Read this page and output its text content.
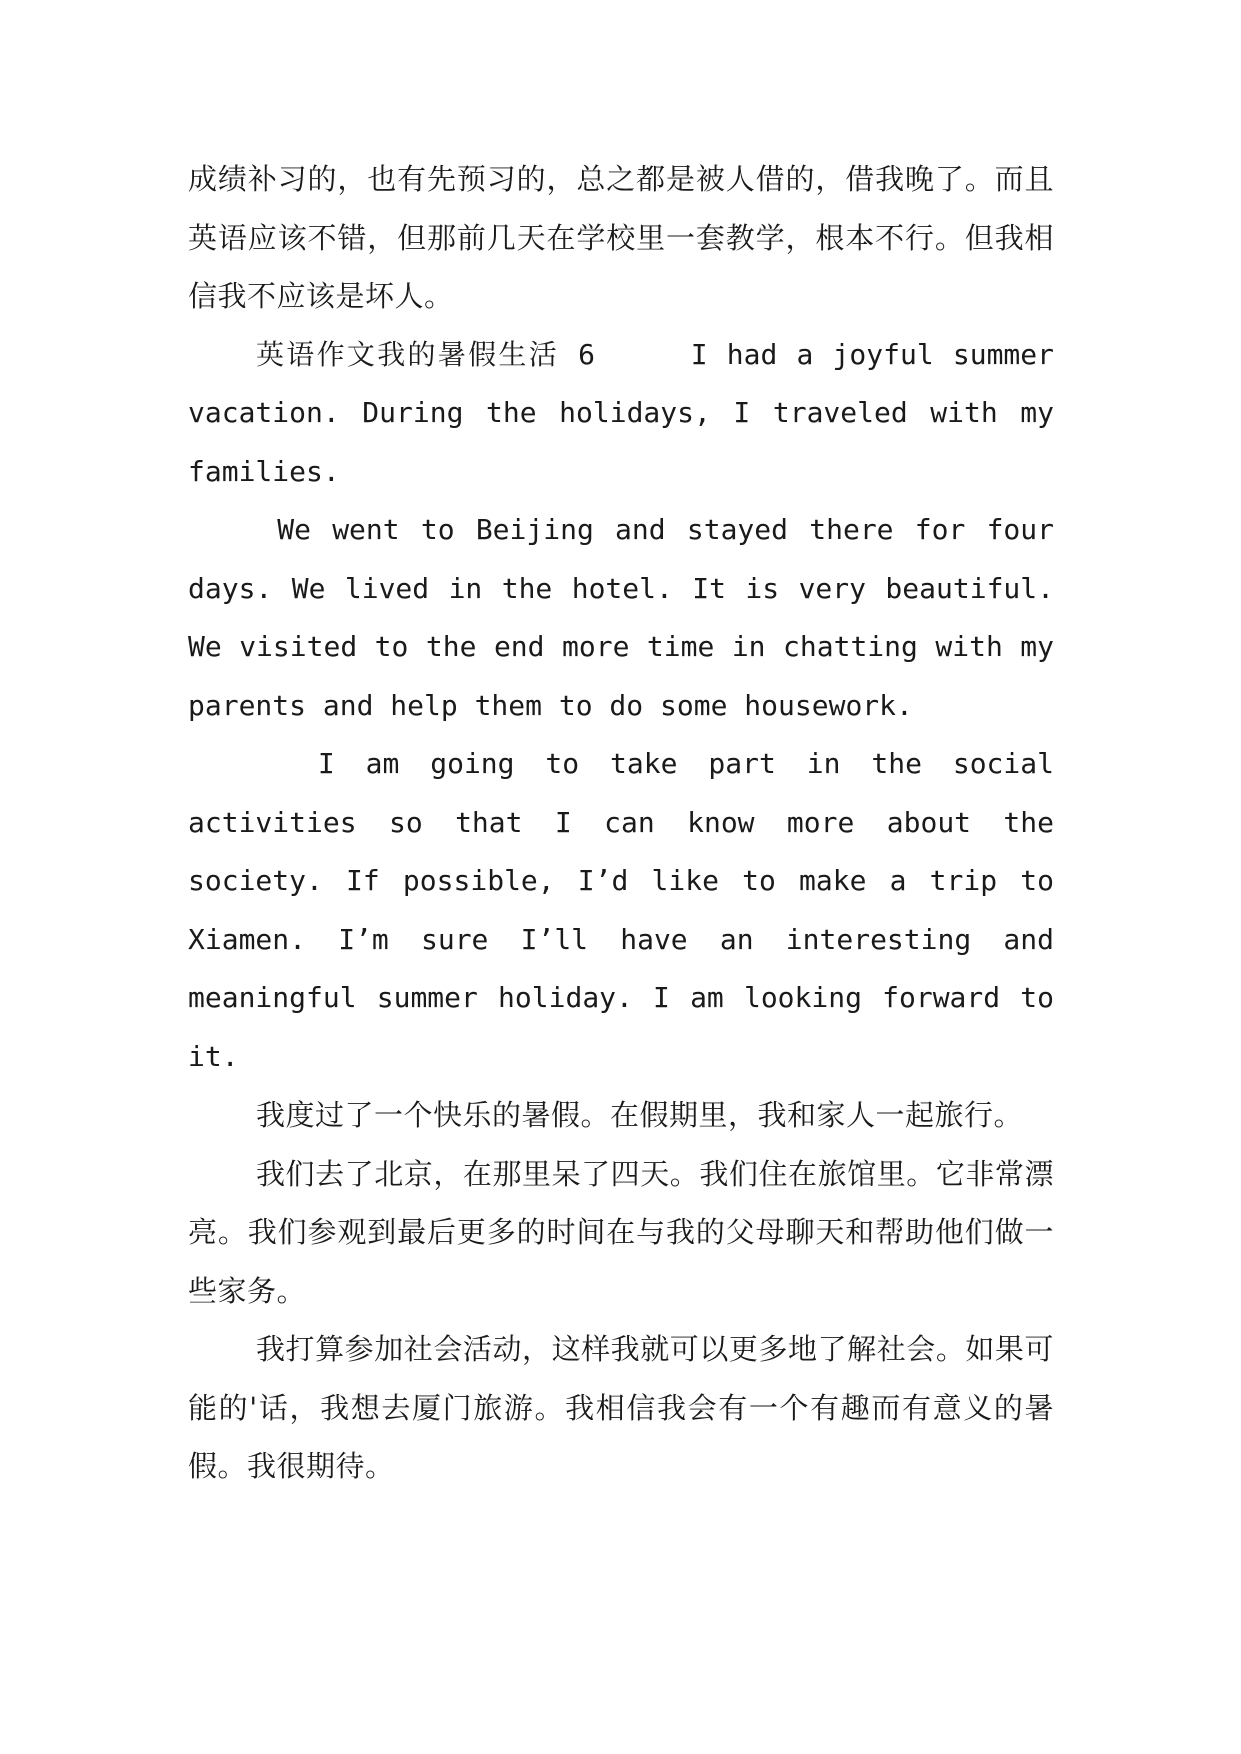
成绩补习的，也有先预习的，总之都是被人借的，借我晚了。而且英语应该不错，但那前几天在学校里一套教学，根本不行。但我相信我不应该是坏人。

英语作文我的暑假生活 6     I had a joyful summer vacation. During the holidays, I traveled with my families.

We went to Beijing and stayed there for four days. We lived in the hotel. It is very beautiful. We visited to the end more time in chatting with my parents and help them to do some housework.

I am going to take part in the social activities so that I can know more about the society. If possible, I’d like to make a trip to Xiamen. I’m sure I’ll have an interesting and meaningful summer holiday. I am looking forward to it.

我度过了一个快乐的暑假。在假期里，我和家人一起旅行。

我们去了北京，在那里呆了四天。我们住在旅馆里。它非常漂亮。我们参观到最后更多的时间在与我的父母聊天和帮助他们做一些家务。

我打算参加社会活动，这样我就可以更多地了解社会。如果可能的'话，我想去厦门旅游。我相信我会有一个有趣而有意义的暑假。我很期待。
